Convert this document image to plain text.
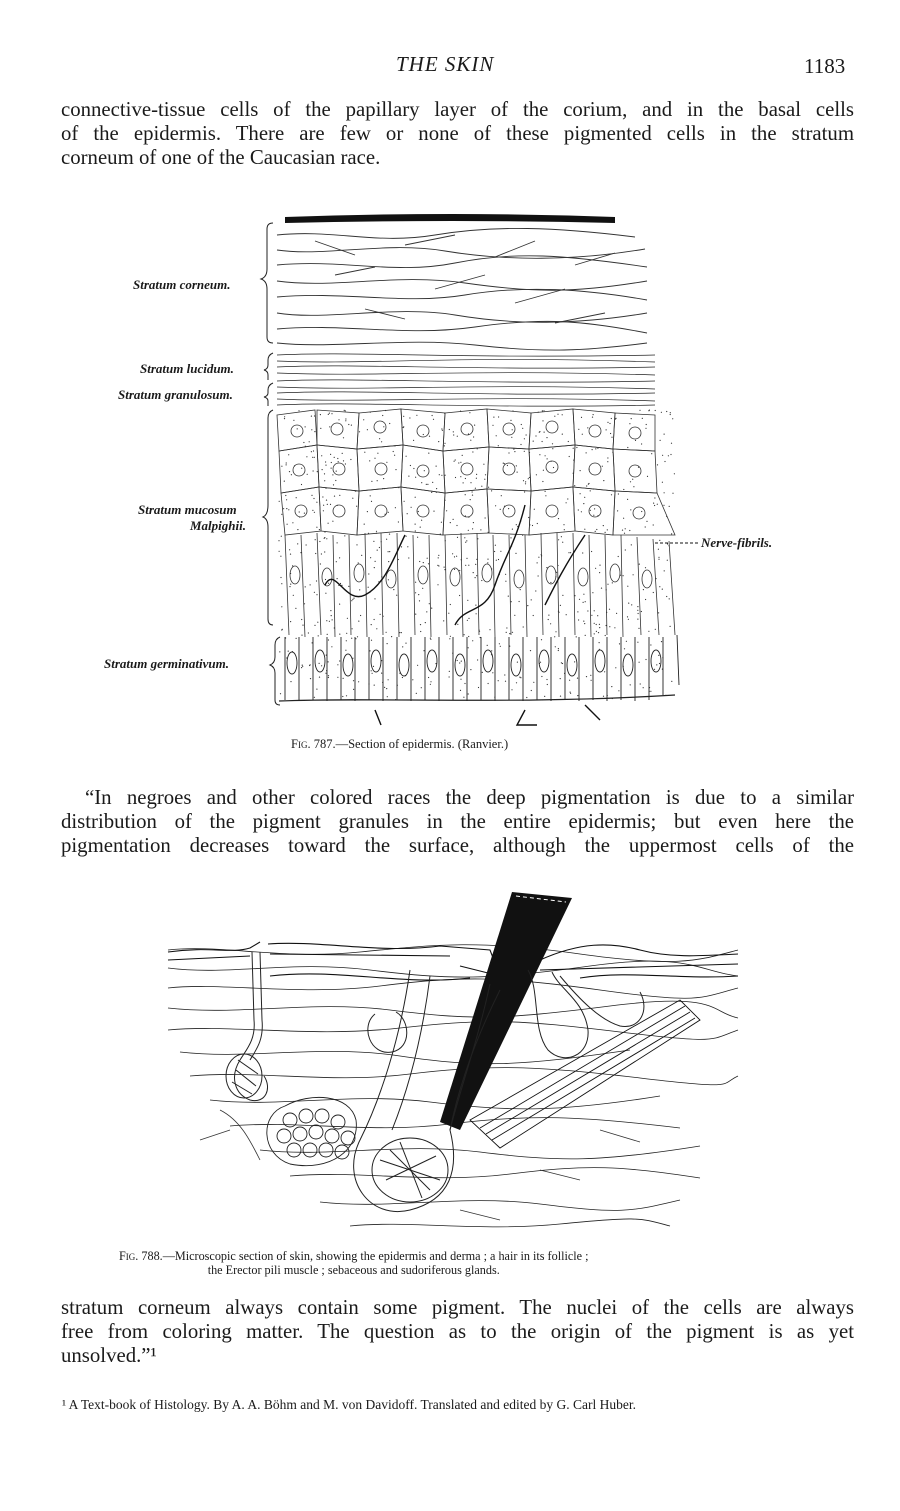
THE SKIN	1183

connective-tissue cells of the papillary layer of the corium, and in the basal cells
of the epidermis. There are few or none of these pigmented cells in the stratum
corneum of one of the Caucasian race.

Stratum corneum.
Stratum lucidum.
Stratum granulosum.
Stratum mucosum
Malpighii.
Stratum germinativum.
Nerve-fibrils.
Fig. 787.—Section of epidermis. (Ranvier.)

“In negroes and other colored races the deep pigmentation is due to a similar
distribution of the pigment granules in the entire epidermis; but even here the
pigmentation decreases toward the surface, although the uppermost cells of the

Fig. 788.—Microscopic section of skin, showing the epidermis and derma ; a hair in its follicle ;
the Erector pili muscle ; sebaceous and sudoriferous glands.

stratum corneum always contain some pigment. The nuclei of the cells are always
free from coloring matter. The question as to the origin of the pigment is as yet
unsolved.”¹

¹ A Text-book of Histology. By A. A. Böhm and M. von Davidoff. Translated and edited by G. Carl Huber.
